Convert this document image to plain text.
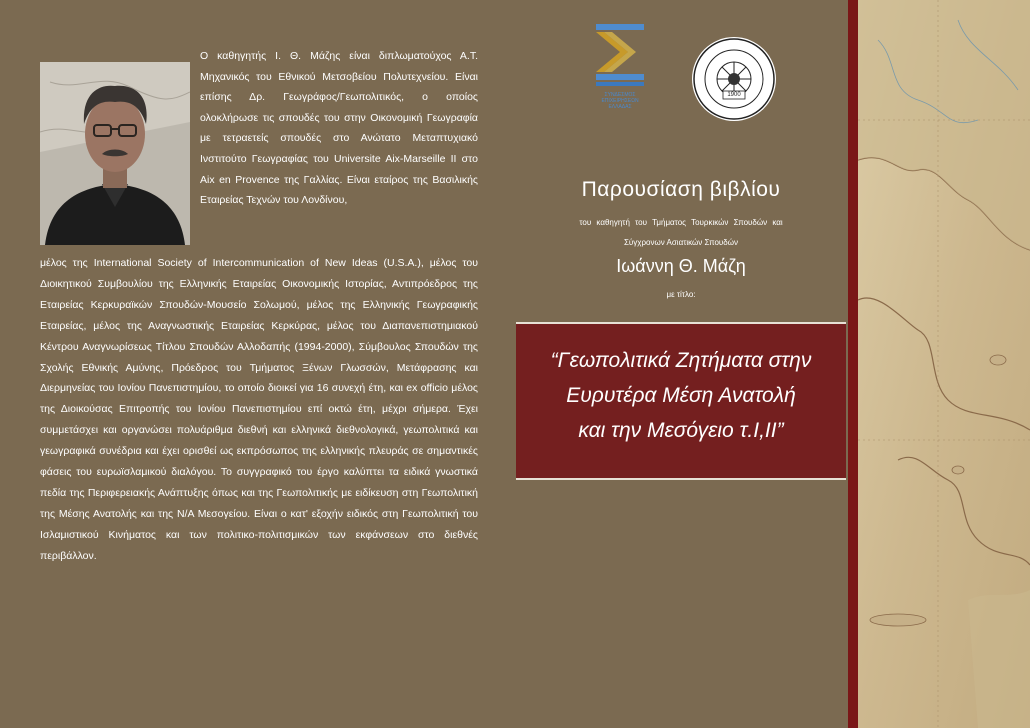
Ο καθηγητής Ι. Θ. Μάζης είναι διπλωματούχος Α.Τ. Μηχανικός του Εθνικού Μετσοβείου Πολυτεχνείου. Είναι επίσης Δρ. Γεωγράφος/Γεωπολιτικός, ο οποίος ολοκλήρωσε τις σπουδές του στην Οικονομική Γεωγραφία με τετραετείς σπουδές στο Ανώτατο Μεταπτυχιακό Ινστιτούτο Γεωγραφίας του Universite Aix-Marseille II στο Aix en Provence της Γαλλίας. Είναι εταίρος της Βασιλικής Εταιρείας Τεχνών του Λονδίνου,
μέλος της International Society of Intercommunication of New Ideas (U.S.A.), μέλος του Διοικητικού Συμβουλίου της Ελληνικής Εταιρείας Οικονομικής Ιστορίας, Αντιπρόεδρος της Εταιρείας Κερκυραϊκών Σπουδών-Μουσείο Σολωμού, μέλος της Ελληνικής Γεωγραφικής Εταιρείας, μέλος της Αναγνωστικής Εταιρείας Κερκύρας, μέλος του Διαπανεπιστημιακού Κέντρου Αναγνωρίσεως Τίτλου Σπουδών Αλλοδαπής (1994-2000), Σύμβουλος Σπουδών της Σχολής Εθνικής Αμύνης, Πρόεδρος του Τμήματος Ξένων Γλωσσών, Μετάφρασης και Διερμηνείας του Ιονίου Πανεπιστημίου, το οποίο διοικεί για 16 συνεχή έτη, και ex officio μέλος της Διοικούσας Επιτροπής του Ιονίου Πανεπιστημίου επί οκτώ έτη, μέχρι σήμερα. Έχει συμμετάσχει και οργανώσει πολυάριθμα διεθνή και ελληνικά διεθνολογικά, γεωπολιτικά και γεωγραφικά συνέδρια και έχει ορισθεί ως εκπρόσωπος της ελληνικής πλευράς σε σημαντικές φάσεις του ευρωϊσλαμικού διαλόγου. Το συγγραφικό του έργο καλύπτει τα ειδικά γνωστικά πεδία της Περιφερειακής Ανάπτυξης όπως και της Γεωπολιτικής με ειδίκευση στη Γεωπολιτική της Μέσης Ανατολής και της Ν/Α Μεσογείου. Είναι ο κατ' εξοχήν ειδικός στη Γεωπολιτική του Ισλαμιστικού Κινήματος και των πολιτικο-πολιτισμικών των εκφάνσεων στο διεθνές περιβάλλον.
ΣΥΝΔΕΣΜΟΣ
ΕΠΙΧΕΙΡΗΣΕΩΝ
ΕΛΛΑΔΑΣ
1900
Παρουσίαση βιβλίου
του καθηγητή του Τμήματος Τουρκικών Σπουδών και
Σύγχρονων Ασιατικών Σπουδών
Ιωάννη Θ. Μάζη
με τίτλο:
“Γεωπολιτικά Ζητήματα στην
Ευρυτέρα Μέση Ανατολή
και την Μεσόγειο τ.Ι,ΙΙ”
